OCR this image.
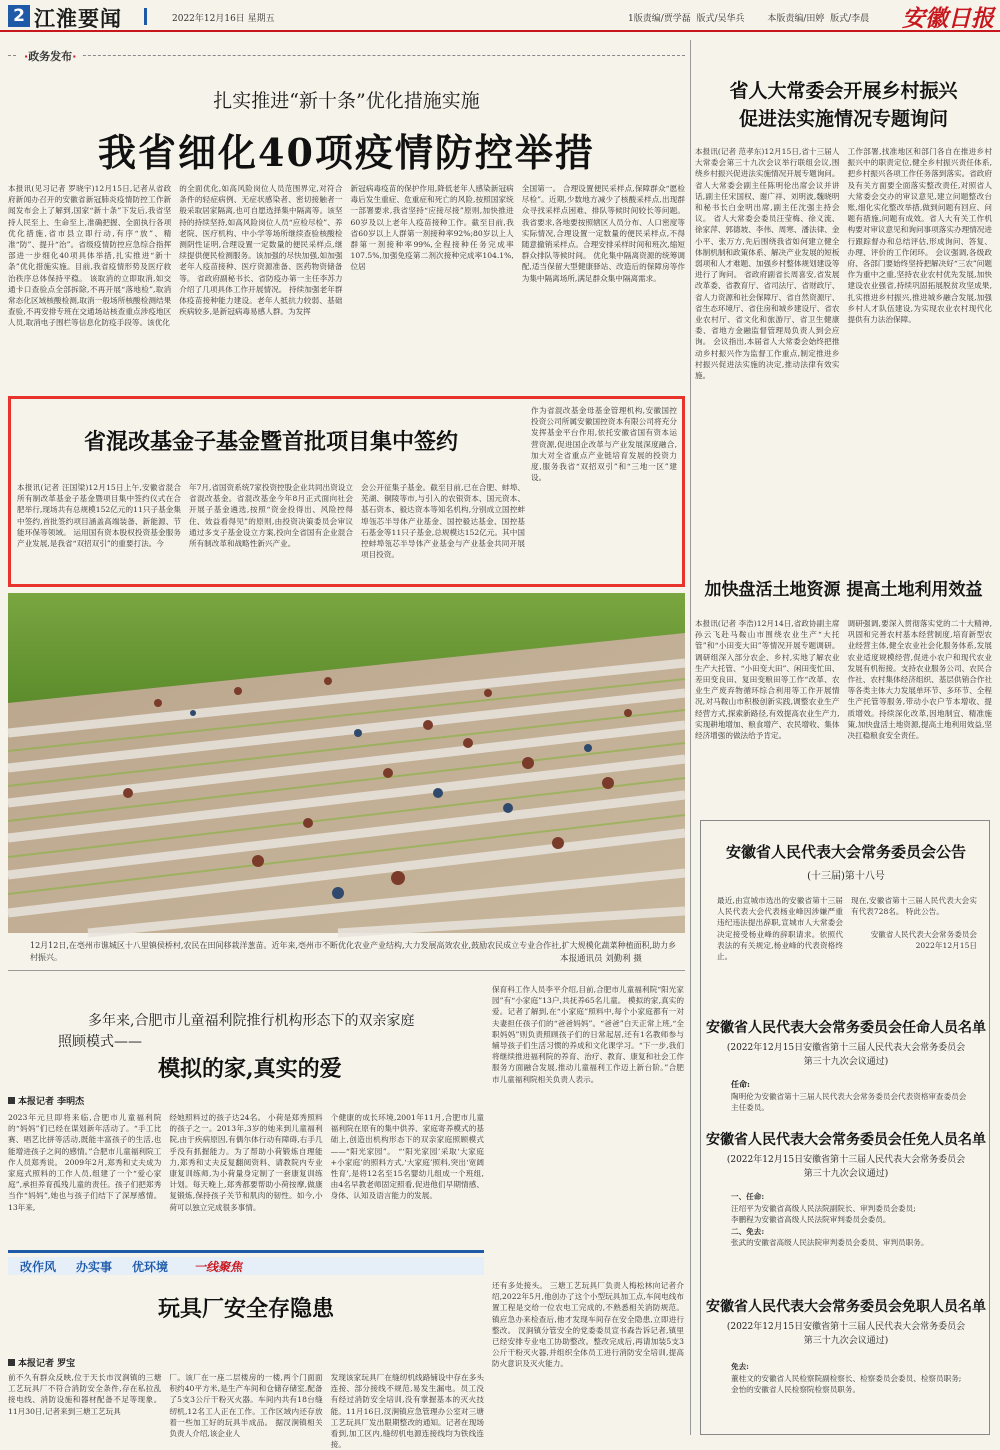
2 江淮要闻	2022年12月16日 星期五	1版责编/贾学磊  版式/吴华兵        本版责编/田婷  版式/李晨 安徽日报
·政务发布·
扎实推进“新十条”优化措施实施
我省细化40项疫情防控举措
本报讯(见习记者 罗晓宇)12月15日,记者从省政府新闻办召开的安徽省新冠肺炎疫情防控工作新闻发布会上了解到,国家“新十条”下发后,我省坚持人民至上、生命至上,准确把握、全面执行各项优化措施,省市县立即行动,有序“放”、精准“防”、提升“治”。省级疫情防控应急综合指挥部进一步细化40项具体举措,扎实推进“新十条”优化措施实施。目前,我省疫情形势及医疗救治秩序总体保持平稳。 该取消的立即取消,如交通卡口查验点全部拆除,不再开展“落地检”,取消常态化区域核酸检测,取消一般场所核酸检测结果查验,不再安排专班在交通场站核查重点涉疫地区人员,取消电子围栏等信息化防疫手段等。该优化
的全面优化,如高风险岗位人员范围界定,对符合条件的轻症病例、无症状感染者、密切接触者一般采取居家隔离,也可自愿选择集中隔离等。该坚持的持续坚持,如高风险岗位人员“应检尽检”、养老院、医疗机构、中小学等场所继续查验核酸检测阴性证明,合理设置一定数量的便民采样点,继续提供便民检测服务。该加强的尽快加强,如加强老年人疫苗接种、医疗资源准备、医药物资储备等。 省政府副秘书长、省防疫办第一主任李苏力介绍了几项具体工作开展情况。 持续加强老年群体疫苗接种能力建设。老年人抵抗力较弱、基础疾病较多,是新冠病毒易感人群。为发挥
新冠病毒疫苗的保护作用,降低老年人感染新冠病毒后发生重症、危重症和死亡的风险,按照国家统一部署要求,我省坚持“应接尽接”原则,加快推进60岁及以上老年人疫苗接种工作。截至目前,我省60岁以上人群第一剂接种率92%;80岁以上人群第一剂接种率99%,全程接种任务完成率107.5%,加强免疫第二剂次接种完成率104.1%,位居
全国第一。 合理设置便民采样点,保障群众“愿检尽检”。近期,少数地方减少了核酸采样点,出现群众寻找采样点困难、排队等候时间较长等问题。我省要求,各地要按照辖区人员分布、人口密度等实际情况,合理设置一定数量的便民采样点,不得随意撤销采样点。合理安排采样时间和班次,缩短群众排队等候时间。 优化集中隔离资源的统筹调配,适当保留大型健康驿站、改造后的保障房等作为集中隔离场所,满足群众集中隔离需求。
省混改基金子基金暨首批项目集中签约
本报讯(记者 汪国梁)12月15日上午,安徽省混合所有制改革基金子基金暨项目集中签约仪式在合肥举行,现场共有总规模152亿元的11只子基金集中签约,首批签约项目涵盖高端装备、新能源、节能环保等领域。 运用国有资本股权投资基金服务产业发展,是我省“双招双引”的重要打法。今
年7月,省国资系统7家投资控股企业共同出资设立省混改基金。省混改基金今年8月正式面向社会开展子基金遴选,按照“资金投得出、风险控得住、效益看得见”的原则,由投资决策委员会审议通过多支子基金设立方案,投向全省国有企业混合所有制改革和战略性新兴产业。
会公开征集子基金。截至目前,已在合肥、蚌埠、芜湖、铜陵等市,与引入的农银资本、国元资本、基石资本、毅达资本等知名机构,分别成立国控蚌埠瓴芯半导体产业基金、国控毅达基金、国控基石基金等11只子基金,总规模达152亿元。其中国控蚌埠瓴芯半导体产业基金与产业基金共同开展项目投资。
作为省混改基金母基金管理机构,安徽国控投资公司所属安徽国控资本有限公司将充分发挥基金平台作用,依托安徽省国有资本运营资源,促进国企改革与产业发展深度融合,加大对全省重点产业链培育发展的投资力度,服务我省“双招双引”和“三地一区”建设。
12月12日,在亳州市谯城区十八里镇侯桥村,农民在田间移栽洋葱苗。近年来,亳州市不断优化农业产业结构,大力发展高效农业,鼓励农民成立专业合作社,扩大规模化蔬菜种植面积,助力乡村振兴。	本报通讯员 刘勤利 摄
省人大常委会开展乡村振兴
促进法实施情况专题询问
本报讯(记者 范孝东)12月15日,省十三届人大常委会第三十九次会议举行联组会议,围绕乡村振兴促进法实施情况开展专题询问。省人大常委会副主任陈明伦出席会议并讲话,副主任宋国权、谢广祥、刘明波,魏晓明和秘书长白金明出席,副主任沈强主持会议。 省人大常委会委员汪莹梅、徐义流、徐家萍、郭德坡、李伟、周寒、潘法律、金小平、张万方,先后围绕我省如何建立健全体制机制和政策体系、解决产业发展的短板弱项和人才难题、加强乡村整体规划建设等进行了询问。 省政府副省长周喜安,省发展改革委、省教育厅、省司法厅、省财政厅、省人力资源和社会保障厅、省自然资源厅、省生态环境厅、省住房和城乡建设厅、省农业农村厅、省文化和旅游厅、省卫生健康委、省地方金融监督管理局负责人到会应询。 会议指出,本届省人大常委会始终把推动乡村振兴作为监督工作重点,制定推进乡村振兴促进法实施的决定,推动法律有效实施。
工作部署,找准地区和部门各自在推进乡村振兴中的职责定位,健全乡村振兴责任体系,把乡村振兴各项工作任务落到落实。省政府及有关方面要全面落实整改责任,对照省人大常委会交办的审议意见,建立问题整改台账,细化实化整改举措,做到问题有回应、问题有措施,问题有成效。省人大有关工作机构要对审议意见和询问事项落实办理情况进行跟踪督办和总结评估,形成询问、答复、办理、评价的工作闭环。 会议强调,各级政府、各部门要始终坚持把解决好“三农”问题作为重中之重,坚持农业农村优先发展,加快建设农业强省,持续巩固拓展脱贫攻坚成果,扎实推进乡村振兴,推进城乡融合发展,加强乡村人才队伍建设,为实现农业农村现代化提供有力法治保障。
加快盘活土地资源 提高土地利用效益
本报讯(记者 李浩)12月14日,省政协副主席孙云飞赴马鞍山市围绕农业生产“大托管”和“小田变大田”等情况开展专题调研。 调研组深入部分农企、乡村,实地了解农业生产大托管、“小田变大田”、闲田变忙田、差田变良田、复田变粮田等工作“改革、农业生产废弃物循环综合利用等工作开展情况,对马鞍山市积极创新实践,调整农业生产经营方式,探索新路径,有效提高农业生产力,实现耕地增加、粮食增产、农民增收、集体经济增强的做法给予肯定。
调研强调,要深入贯彻落实党的二十大精神,巩固和完善农村基本经营制度,培育新型农业经营主体,健全农业社会化服务体系,发展农业适度规模经营,促进小农户和现代农业发展有机衔接。支持农业服务公司、农民合作社、农村集体经济组织、基层供销合作社等各类主体大力发展单环节、多环节、全程生产托管等服务,带动小农户节本增收、提质增效。持续深化改革,因地制宜、精准施策,加快盘活土地资源,提高土地利用效益,坚决扛稳粮食安全责任。
安徽省人民代表大会常务委员会公告
(十三届)第十八号
最近,由宣城市选出的安徽省第十三届人民代表大会代表杨业峰因涉嫌严重违纪违法提出辞职,宣城市人大常委会决定接受杨业峰的辞职请求。依照代表法的有关规定,杨业峰的代表资格终止。
现在,安徽省第十三届人民代表大会实有代表728名。 特此公告。

安徽省人民代表大会常务委员会
2022年12月15日
安徽省人民代表大会常务委员会任命人员名单
(2022年12月15日安徽省第十三届人民代表大会常务委员会第三十九次会议通过)
任命:
陶明伦为安徽省第十三届人民代表大会常务委员会代表资格审查委员会主任委员。
安徽省人民代表大会常务委员会任免人员名单
(2022年12月15日安徽省第十三届人民代表大会常务委员会第三十九次会议通过)
一、任命:
汪绍平为安徽省高级人民法院副院长、审判委员会委员;
李鹏程为安徽省高级人民法院审判委员会委员。
二、免去:
张武的安徽省高级人民法院审判委员会委员、审判员职务。
安徽省人民代表大会常务委员会免职人员名单
(2022年12月15日安徽省第十三届人民代表大会常务委员会第三十九次会议通过)
免去:
董桂文的安徽省人民检察院副检察长、检察委员会委员、检察员职务;
金怡的安徽省人民检察院检察员职务。
多年来,合肥市儿童福利院推行机构形态下的双亲家庭
照顾模式——
模拟的家,真实的爱
本报记者 李明杰
2023年元旦即将来临,合肥市儿童福利院的“妈妈”们已经在谋划新年活动了。“手工比赛、唱艺比拼等活动,既能丰富孩子的生活,也能增进孩子之间的感情。”合肥市儿童福利院工作人员郑秀说。 2009年2月,郑秀和丈夫成为家庭式照料的工作人员,组建了一个“爱心家庭”,承担养育孤残儿童的责任。孩子们把郑秀当作“妈妈”,她也与孩子们结下了深厚感情。13年来,
经她照料过的孩子达24名。 小荷是郑秀照料的孩子之一。2013年,3岁的她来到儿童福利院,由于疾病原因,有偶尔体行动有障碍,右手几乎没有抓握能力。为了帮助小荷锻炼自理能力,郑秀和丈夫反复翻阅资料、请教院内专业康复训练师,为小荷量身定制了一套康复训练计划。每天晚上,郑秀都要帮助小荷按摩,做康复锻炼,保持孩子关节和肌肉的韧性。如今,小荷可以独立完成很多事情。
个健康的成长环境,2001年11月,合肥市儿童福利院在原有的集中供养、家庭寄养模式的基础上,创造出机构形态下的双亲家庭照顾模式——“阳光家园”。 “‘阳光家园’采取‘大家庭+小家庭’的照料方式,‘大家庭’照料,突出‘宽阔性育’,是将12名至15名婴幼儿组成一个班组,由4名早教老师固定照看,促进他们早期情感、身体、认知及语言能力的发展。
保育科工作人员李平介绍,目前,合肥市儿童福利院“阳光家园”有“小家庭”13户,共抚养65名儿童。 模拟的家,真实的爱。记者了解到,在“小家庭”照料中,每个小家庭都有一对夫妻担任孩子们的“爸爸妈妈”。“爸爸”白天正常上班,“全职妈妈”则负责照顾孩子们的日常起居,还有1名教师参与辅导孩子们生活习惯的养成和文化课学习。“下一步,我们将继续推进福利院的养育、治疗、教育、康复和社会工作服务方面融合发展,推动儿童福利工作迈上新台阶。”合肥市儿童福利院相关负责人表示。
改作风 办实事 优环境 一线聚焦
玩具厂安全存隐患
本报记者 罗宝
前不久有群众反映,位于天长市汊涧镇的三塘工艺玩具厂不符合消防安全条件,存在私拉乱接电线、消防设施和器材配备不足等现象。 11月30日,记者来到三塘工艺玩具
厂。该厂在一座二层楼房的一楼,两个门面面积约40平方米,是生产车间和仓储存储室,配备了5支3公斤干粉灭火器。车间内共有18台缝纫机,12名工人正在工作。工作区域内还存放着一些加工好的玩具半成品。 据汊涧镇相关负责人介绍,该企业人
发现该家玩具厂在缝纫机线路铺设中存在多头连接、部分接线不规范,易发生漏电。员工没有经过消防安全培训,没有掌握基本的灭火技能。11月16日,汊涧镇应急管理办公室对三塘工艺玩具厂发出限期整改的通知。记者在现场看到,加工区内,缝纫机电源连接线均为铁线连接。
还有多处接头。 三塘工艺玩具厂负责人梅松林向记者介绍,2022年5月,他创办了这个小型玩具加工点,车间电线布置工程是交给一位农电工完成的,不熟悉相关消防规范。镇应急办来检查后,他才发现车间存在安全隐患,立即进行整改。 汊涧镇分管安全的党委委员宣书森告诉记者,镇里已经安排专业电工协助整改。整改完成后,再请加装5支3公斤干粉灭火器,并组织全体员工进行消防安全培训,提高防火意识及灭火能力。
